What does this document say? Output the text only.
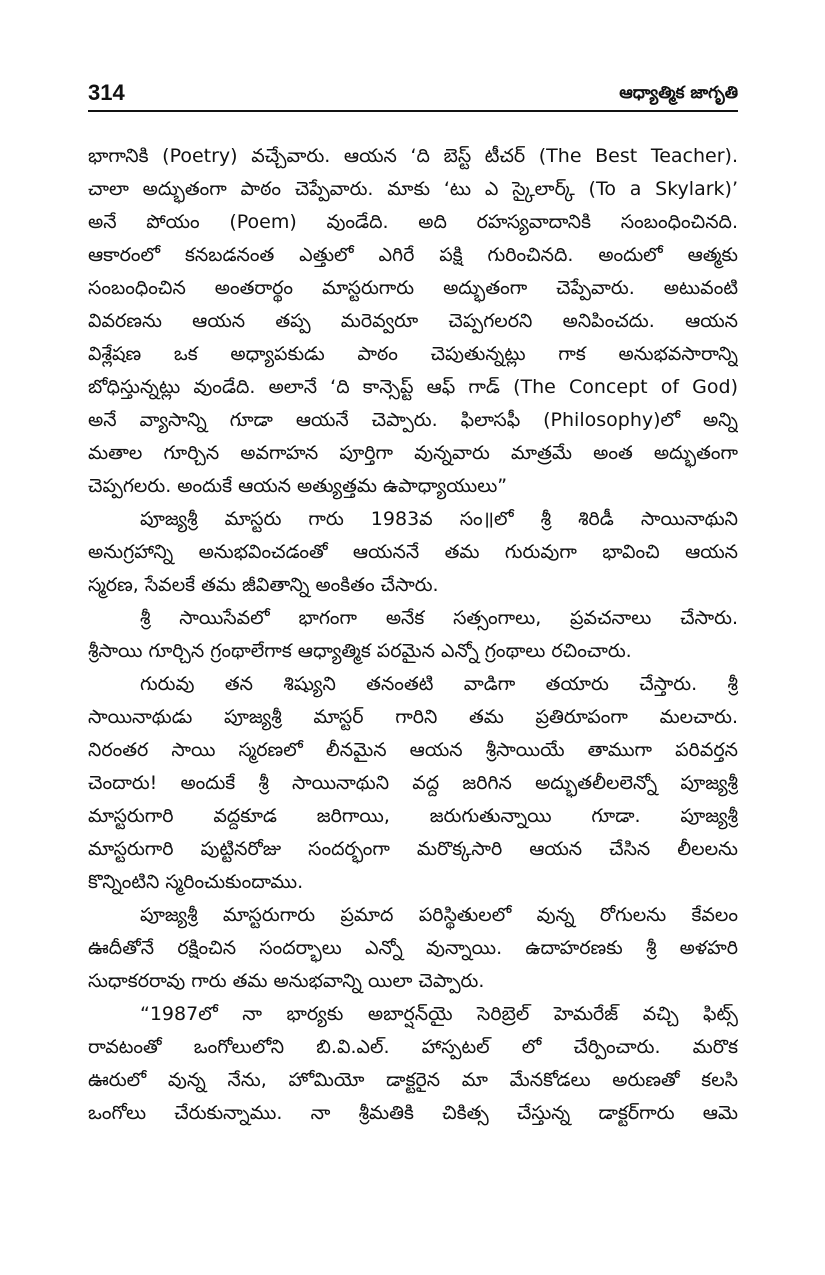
314	ఆధ్యాత్మిక జాగృతి
భాగానికి (Poetry) వచ్చేవారు. ఆయన ‘ది బెస్ట్ టీచర్ (The Best Teacher).
చాలా అద్భుతంగా పాఠం చెప్పేవారు. మాకు ‘టు ఎ స్కైలార్క్ (To a Skylark)’
అనే పోయం (Poem) వుండేది. అది రహస్యవాదానికి సంబంధించినది.
ఆకారంలో కనబడనంత ఎత్తులో ఎగిరే పక్షి గురించినది. అందులో ఆత్మకు
సంబంధించిన అంతరార్థం మాస్టరుగారు అద్భుతంగా చెప్పేవారు. అటువంటి
వివరణను ఆయన తప్ప మరెవ్వరూ చెప్పగలరని అనిపించదు. ఆయన
విశ్లేషణ ఒక అధ్యాపకుడు పాఠం చెపుతున్నట్లు గాక అనుభవసారాన్ని
బోధిస్తున్నట్లు వుండేది. అలానే ‘ది కాన్సెప్ట్ ఆఫ్ గాడ్ (The Concept of God)
అనే వ్యాసాన్ని గూడా ఆయనే చెప్పారు. ఫిలాసఫీ (Philosophy)లో అన్ని
మతాల గూర్చిన అవగాహన పూర్తిగా వున్నవారు మాత్రమే అంత అద్భుతంగా
చెప్పగలరు. అందుకే ఆయన అత్యుత్తమ ఉపాధ్యాయులు”
పూజ్యశ్రీ మాస్టరు గారు 1983వ సం॥లో శ్రీ శిరిడీ సాయినాథుని
అనుగ్రహాన్ని అనుభవించడంతో ఆయననే తమ గురువుగా భావించి ఆయన
స్మరణ, సేవలకే తమ జీవితాన్ని అంకితం చేసారు.
శ్రీ సాయిసేవలో భాగంగా అనేక సత్సంగాలు, ప్రవచనాలు చేసారు.
శ్రీసాయి గూర్చిన గ్రంథాలేగాక ఆధ్యాత్మిక పరమైన ఎన్నో గ్రంథాలు రచించారు.
గురువు తన శిష్యుని తనంతటి వాడిగా తయారు చేస్తారు. శ్రీ
సాయినాథుడు పూజ్యశ్రీ మాస్టర్ గారిని తమ ప్రతిరూపంగా మలచారు.
నిరంతర సాయి స్మరణలో లీనమైన ఆయన శ్రీసాయియే తాముగా పరివర్తన
చెందారు! అందుకే శ్రీ సాయినాథుని వద్ద జరిగిన అద్భుతలీలలెన్నో పూజ్యశ్రీ
మాస్టరుగారి వద్దకూడ జరిగాయి, జరుగుతున్నాయి గూడా. పూజ్యశ్రీ
మాస్టరుగారి పుట్టినరోజు సందర్భంగా మరొక్కసారి ఆయన చేసిన లీలలను
కొన్నింటిని స్మరించుకుందాము.
పూజ్యశ్రీ మాస్టరుగారు ప్రమాద పరిస్థితులలో వున్న రోగులను కేవలం
ఊదీతోనే రక్షించిన సందర్భాలు ఎన్నో వున్నాయి. ఉదాహరణకు శ్రీ అళహరి
సుధాకరరావు గారు తమ అనుభవాన్ని యిలా చెప్పారు.
“1987లో నా భార్యకు అబార్షన్‌యై సెరిబ్రెల్ హెమరేజ్ వచ్చి ఫిట్స్
రావటంతో ఒంగోలులోని బి.వి.ఎల్. హాస్పటల్ లో చేర్పించారు. మరొక
ఊరులో వున్న నేను, హోమియో డాక్టరైన మా మేనకోడలు అరుణతో కలసి
ఒంగోలు చేరుకున్నాము. నా శ్రీమతికి చికిత్స చేస్తున్న డాక్టర్‌గారు ఆమె
